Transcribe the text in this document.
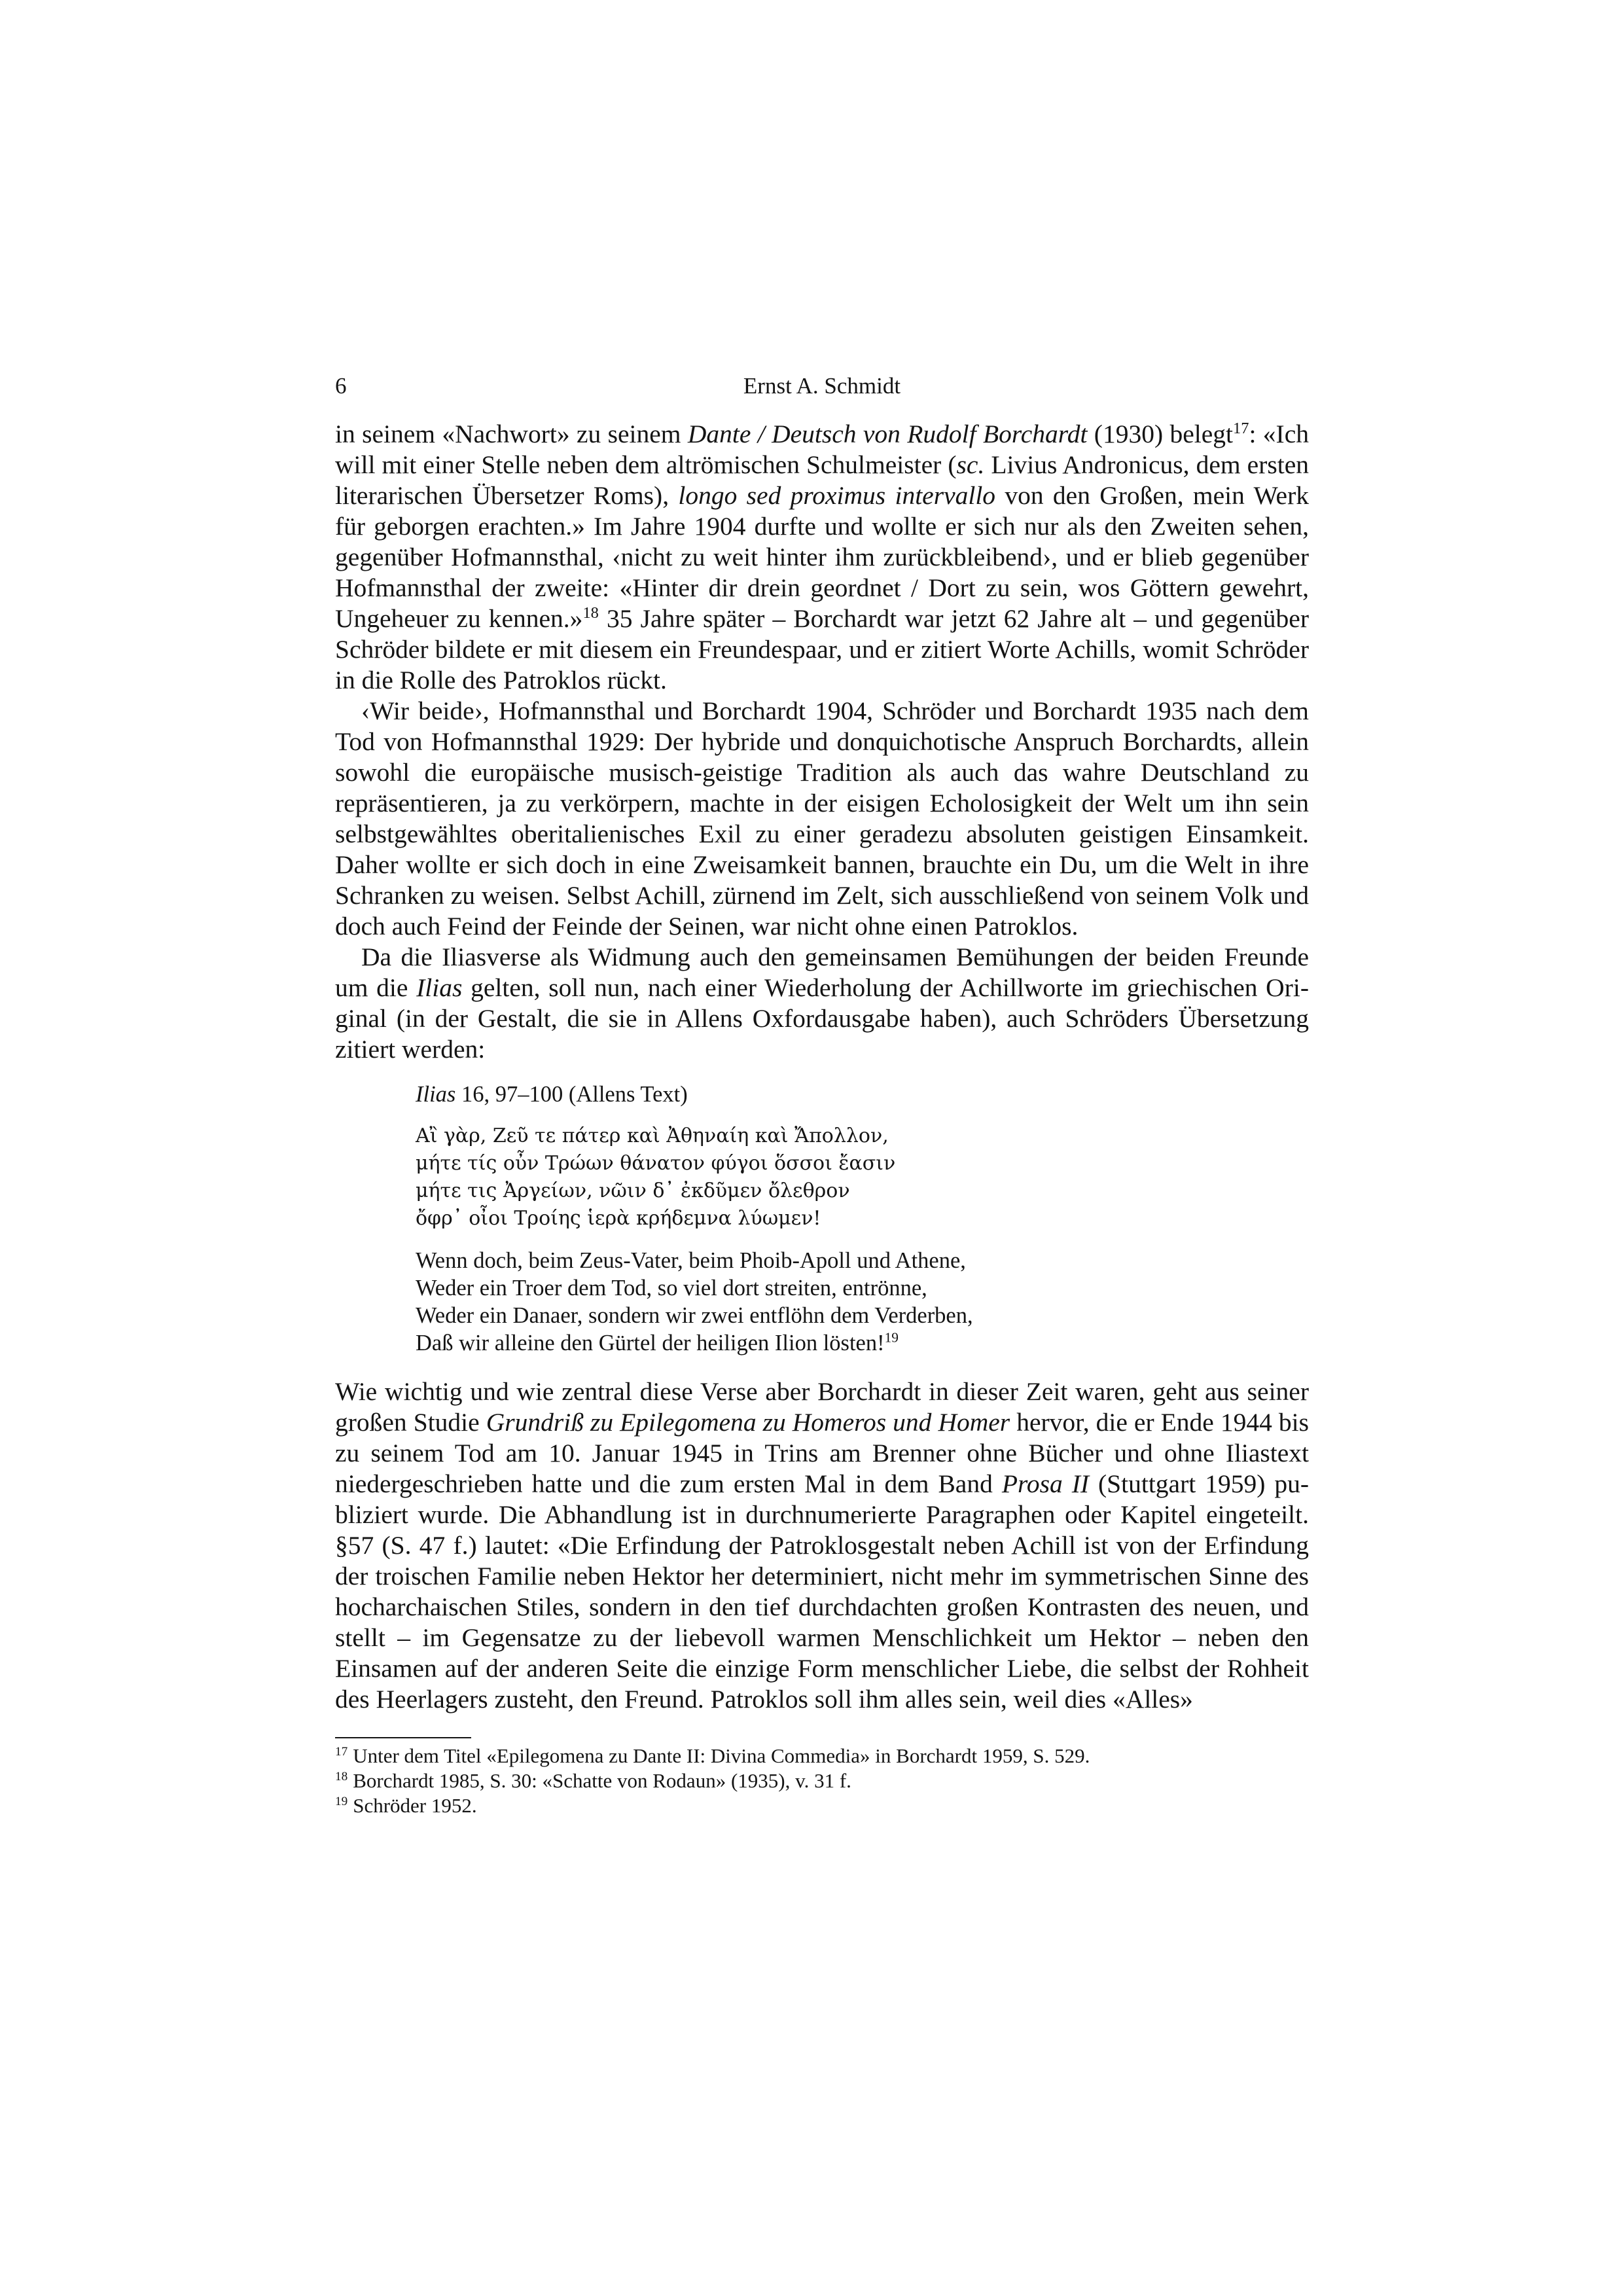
6	Ernst A. Schmidt

in seinem «Nachwort» zu seinem Dante / Deutsch von Rudolf Borchardt (1930) belegt$^{17}$: «Ich will mit einer Stelle neben dem altrömischen Schulmeister (sc. Livius Andronicus, dem ersten literarischen Übersetzer Roms), longo sed proximus intervallo von den Großen, mein Werk für geborgen erachten.» Im Jahre 1904 durfte und wollte er sich nur als den Zweiten sehen, gegenüber Hofmannsthal, ‹nicht zu weit hinter ihm zurückbleibend›, und er blieb gegenüber Hofmannsthal der zweite: «Hinter dir drein geordnet / Dort zu sein, wos Göttern gewehrt, Ungeheuer zu kennen.»$^{18}$ 35 Jahre später – Borchardt war jetzt 62 Jahre alt – und gegenüber Schröder bildete er mit diesem ein Freundespaar, und er zitiert Worte Achills, womit Schröder in die Rolle des Patroklos rückt.

‹Wir beide›, Hofmannsthal und Borchardt 1904, Schröder und Borchardt 1935 nach dem Tod von Hofmannsthal 1929: Der hybride und donquichotische Anspruch Borchardts, allein sowohl die europäische musisch-geistige Tradition als auch das wahre Deutschland zu repräsentieren, ja zu verkörpern, machte in der eisigen Echolosigkeit der Welt um ihn sein selbstgewähltes oberitalienisches Exil zu einer geradezu absoluten geistigen Einsamkeit. Daher wollte er sich doch in eine Zweisamkeit bannen, brauchte ein Du, um die Welt in ihre Schranken zu weisen. Selbst Achill, zürnend im Zelt, sich ausschließend von seinem Volk und doch auch Feind der Feinde der Seinen, war nicht ohne einen Patroklos.

Da die Iliasverse als Widmung auch den gemeinsamen Bemühungen der beiden Freunde um die Ilias gelten, soll nun, nach einer Wiederholung der Achillworte im griechischen Original (in der Gestalt, die sie in Allens Oxfordausgabe haben), auch Schröders Übersetzung zitiert werden:

Ilias 16, 97–100 (Allens Text)
Αἲ γὰρ, Ζεῦ τε πάτερ καὶ Ἀθηναίη καὶ Ἄπολλον,
μήτε τίς οὖν Τρώων θάνατον φύγοι ὅσσοι ἔασιν
μήτε τις Ἀργείων, νῶιν δ᾽ ἐκδῦμεν ὄλεθρον
ὄφρ᾽ οἶοι Τροίης ἱερὰ κρήδεμνα λύωμεν!
Wenn doch, beim Zeus-Vater, beim Phoib-Apoll und Athene,
Weder ein Troer dem Tod, so viel dort streiten, entrönne,
Weder ein Danaer, sondern wir zwei entflöhn dem Verderben,
Daß wir alleine den Gürtel der heiligen Ilion lösten!$^{19}$

Wie wichtig und wie zentral diese Verse aber Borchardt in dieser Zeit waren, geht aus seiner großen Studie Grundriß zu Epilegomena zu Homeros und Homer hervor, die er Ende 1944 bis zu seinem Tod am 10. Januar 1945 in Trins am Brenner ohne Bücher und ohne Iliastext niedergeschrieben hatte und die zum ersten Mal in dem Band Prosa II (Stuttgart 1959) publiziert wurde. Die Abhandlung ist in durchnumerierte Paragraphen oder Kapitel eingeteilt. §57 (S. 47 f.) lautet: «Die Erfindung der Patroklosgestalt neben Achill ist von der Erfindung der troischen Familie neben Hektor her determiniert, nicht mehr im symmetrischen Sinne des hocharchaischen Stiles, sondern in den tief durchdachten großen Kontrasten des neuen, und stellt – im Gegensatze zu der liebevoll warmen Menschlichkeit um Hektor – neben den Einsamen auf der anderen Seite die einzige Form menschlicher Liebe, die selbst der Rohheit des Heerlagers zusteht, den Freund. Patroklos soll ihm alles sein, weil dies «Alles»

$^{17}$ Unter dem Titel «Epilegomena zu Dante II: Divina Commedia» in Borchardt 1959, S. 529.

$^{18}$ Borchardt 1985, S. 30: «Schatte von Rodaun» (1935), v. 31 f.

$^{19}$ Schröder 1952.
